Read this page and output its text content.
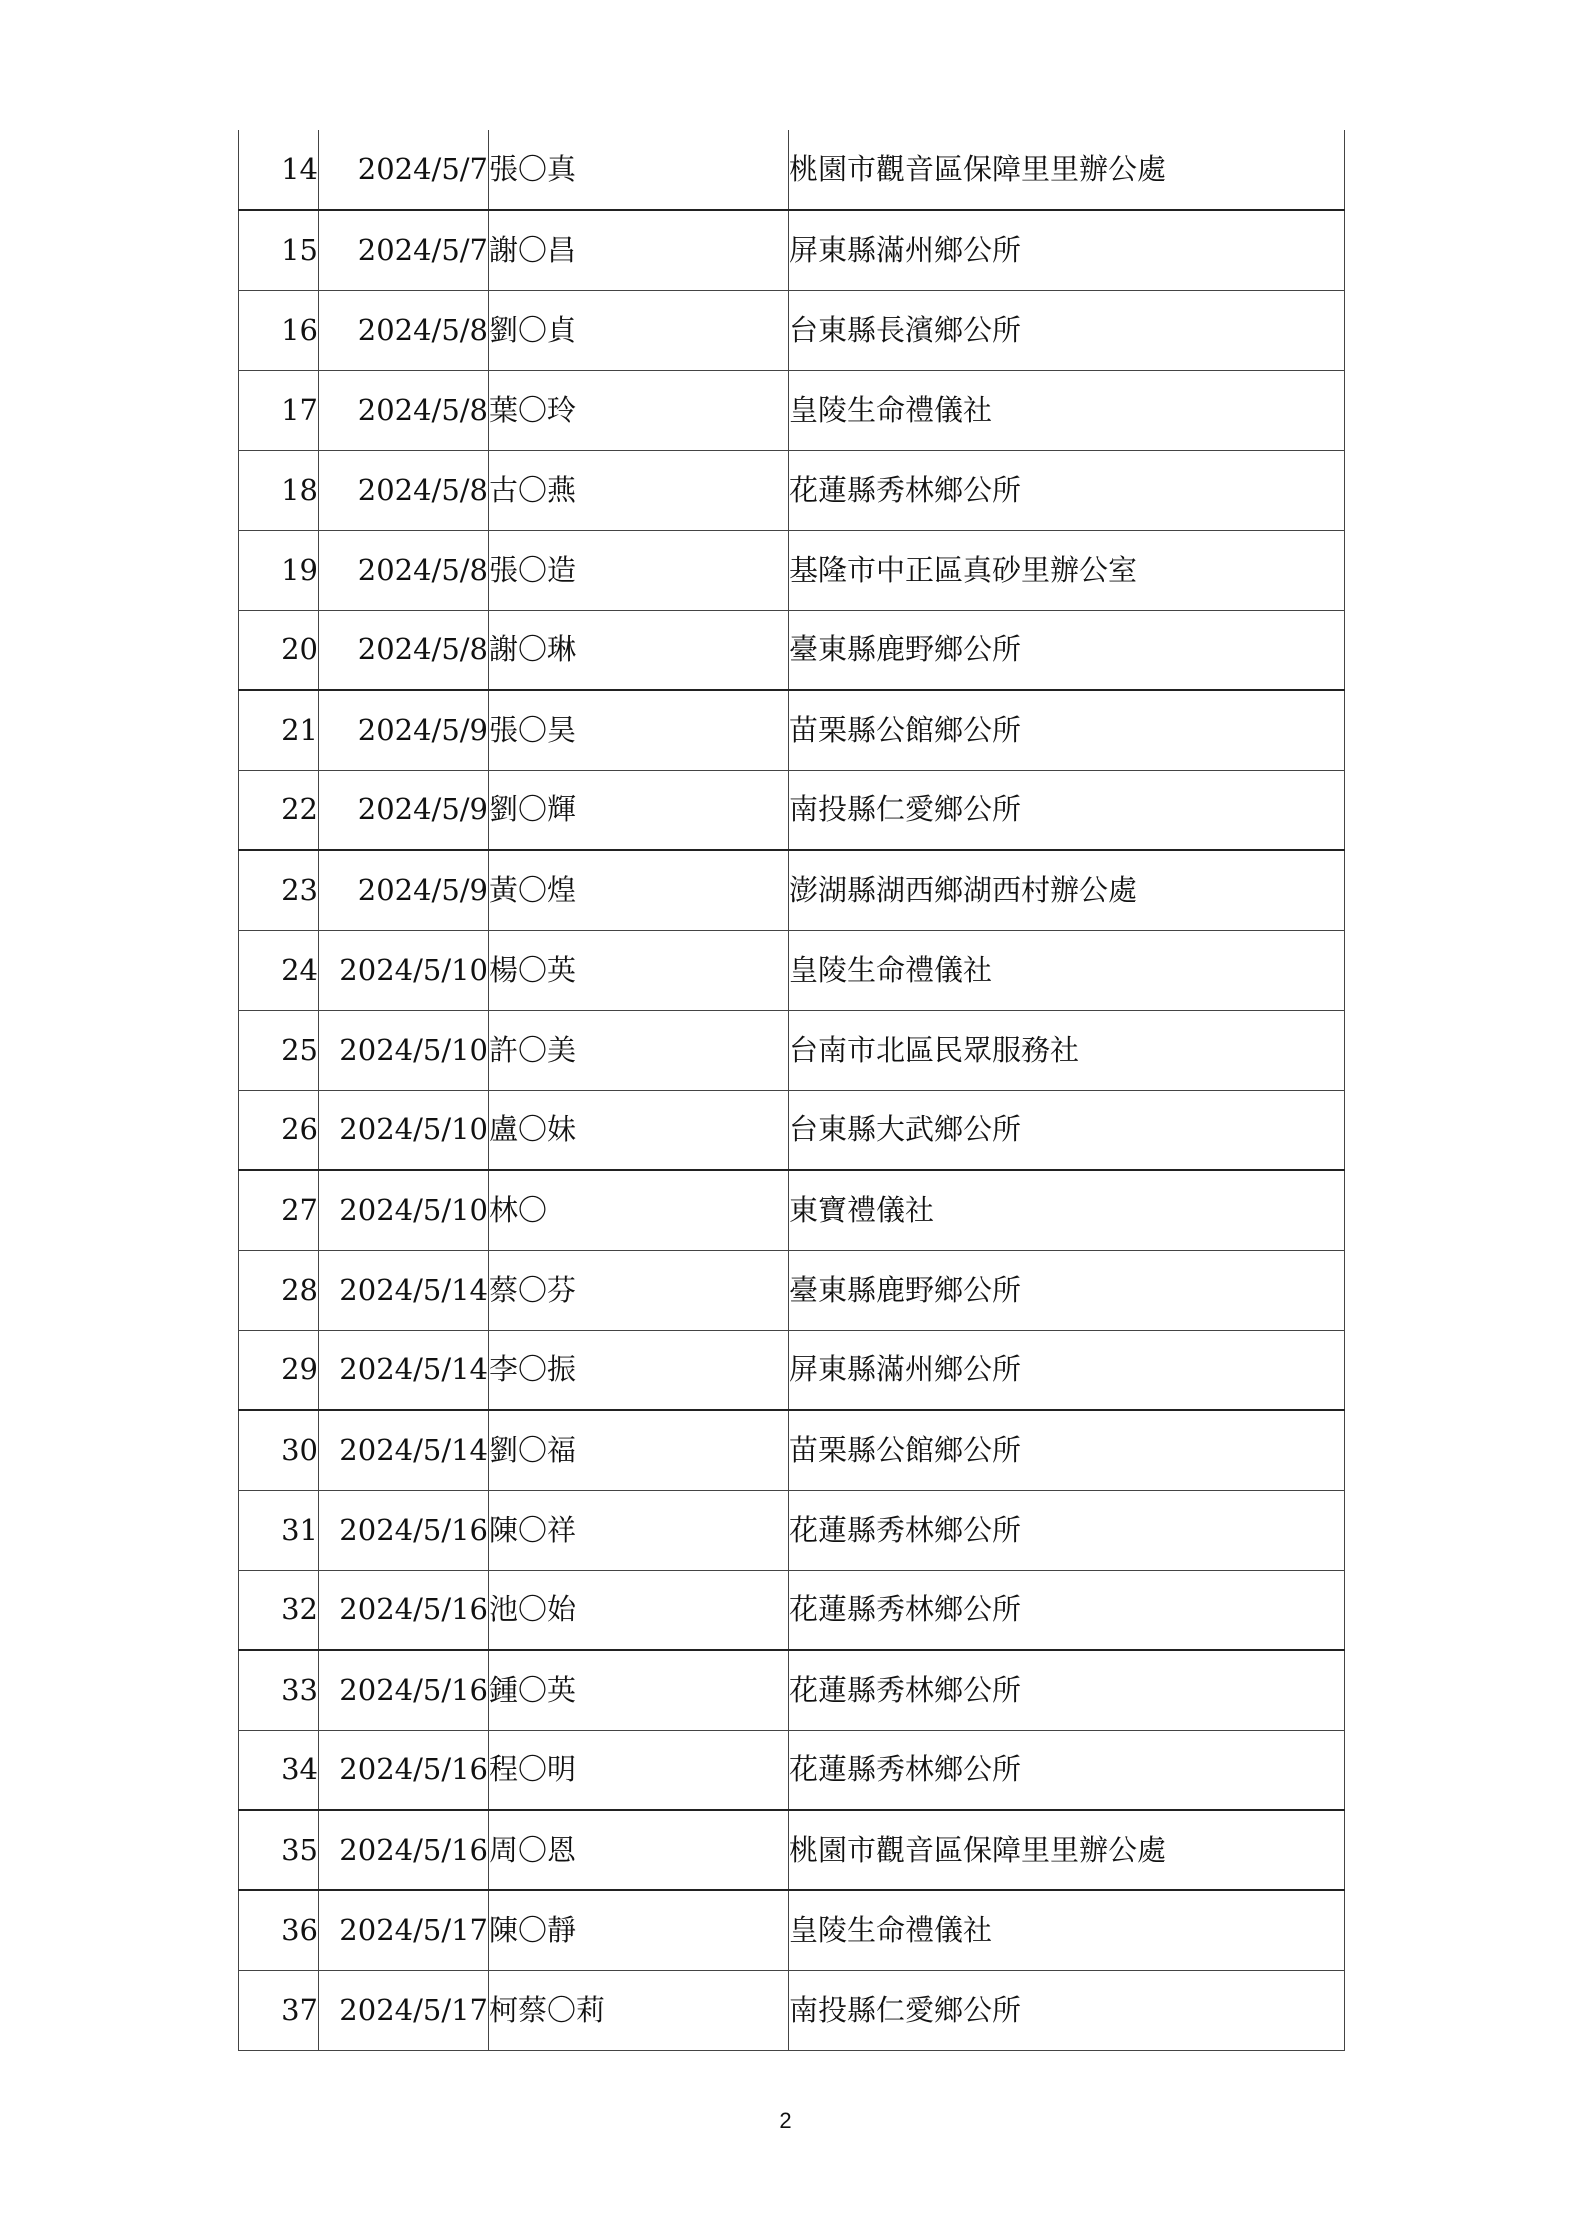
14	2024/5/7	張〇真	桃園市觀音區保障里里辦公處
15	2024/5/7	謝〇昌	屏東縣滿州鄉公所
16	2024/5/8	劉〇貞	台東縣長濱鄉公所
17	2024/5/8	葉〇玲	皇陵生命禮儀社
18	2024/5/8	古〇燕	花蓮縣秀林鄉公所
19	2024/5/8	張〇造	基隆市中正區真砂里辦公室
20	2024/5/8	謝〇琳	臺東縣鹿野鄉公所
21	2024/5/9	張〇昊	苗栗縣公館鄉公所
22	2024/5/9	劉〇輝	南投縣仁愛鄉公所
23	2024/5/9	黃〇煌	澎湖縣湖西鄉湖西村辦公處
24	2024/5/10	楊〇英	皇陵生命禮儀社
25	2024/5/10	許〇美	台南市北區民眾服務社
26	2024/5/10	盧〇妹	台東縣大武鄉公所
27	2024/5/10	林〇	東寶禮儀社
28	2024/5/14	蔡〇芬	臺東縣鹿野鄉公所
29	2024/5/14	李〇振	屏東縣滿州鄉公所
30	2024/5/14	劉〇福	苗栗縣公館鄉公所
31	2024/5/16	陳〇祥	花蓮縣秀林鄉公所
32	2024/5/16	池〇始	花蓮縣秀林鄉公所
33	2024/5/16	鍾〇英	花蓮縣秀林鄉公所
34	2024/5/16	程〇明	花蓮縣秀林鄉公所
35	2024/5/16	周〇恩	桃園市觀音區保障里里辦公處
36	2024/5/17	陳〇靜	皇陵生命禮儀社
37	2024/5/17	柯蔡〇莉	南投縣仁愛鄉公所
2
